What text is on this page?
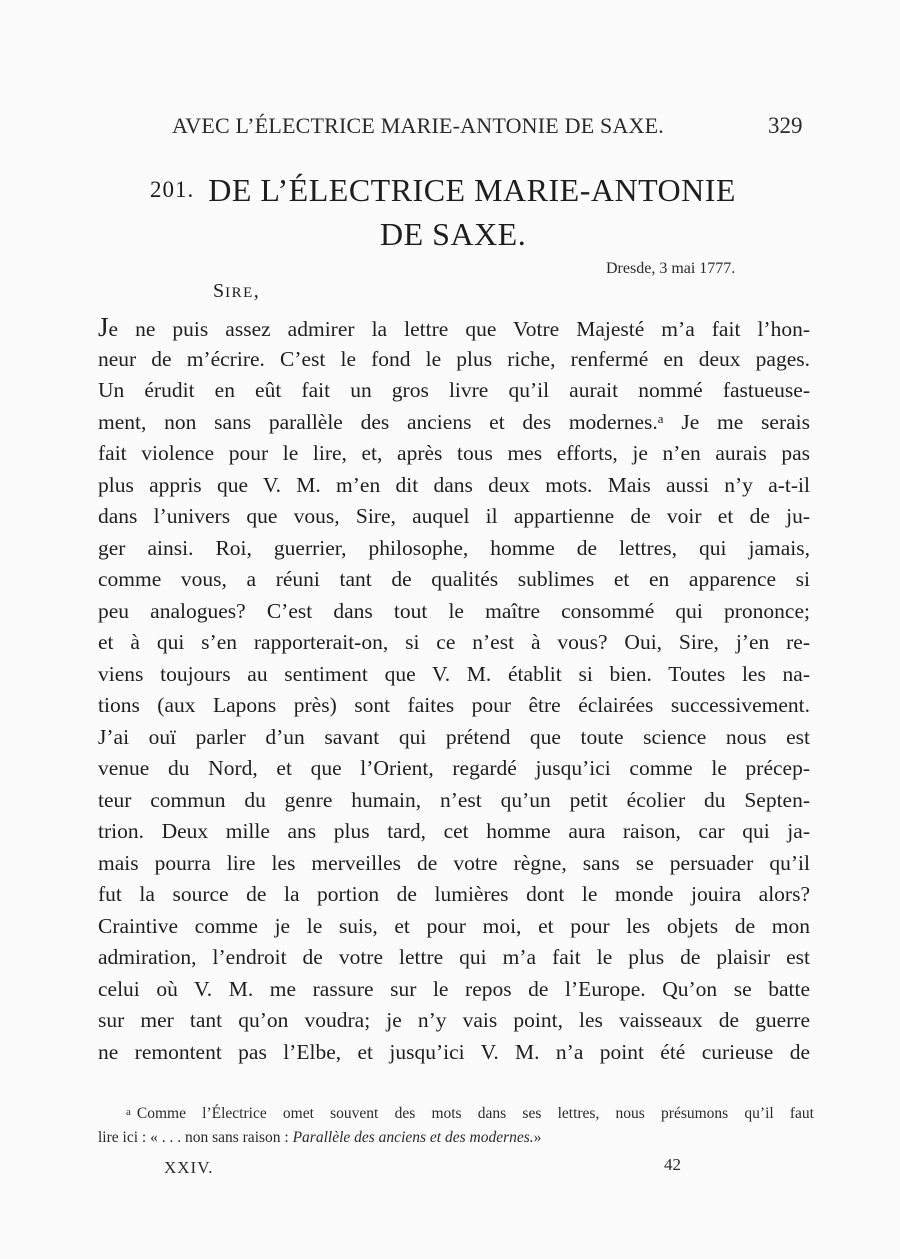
AVEC L’ÉLECTRICE MARIE-ANTONIE DE SAXE.	329
201. DE L’ÉLECTRICE MARIE-ANTONIE
DE SAXE.
Dresde, 3 mai 1777.
SIRE,
Je ne puis assez admirer la lettre que Votre Majesté m’a fait l’hon-
neur de m’écrire. C’est le fond le plus riche, renfermé en deux pages.
Un érudit en eût fait un gros livre qu’il aurait nommé fastueuse-
ment, non sans parallèle des anciens et des modernes.ᵃ Je me serais
fait violence pour le lire, et, après tous mes efforts, je n’en aurais pas
plus appris que V. M. m’en dit dans deux mots. Mais aussi n’y a-t-il
dans l’univers que vous, Sire, auquel il appartienne de voir et de ju-
ger ainsi. Roi, guerrier, philosophe, homme de lettres, qui jamais,
comme vous, a réuni tant de qualités sublimes et en apparence si
peu analogues? C’est dans tout le maître consommé qui prononce;
et à qui s’en rapporterait-on, si ce n’est à vous? Oui, Sire, j’en re-
viens toujours au sentiment que V. M. établit si bien. Toutes les na-
tions (aux Lapons près) sont faites pour être éclairées successivement.
J’ai ouï parler d’un savant qui prétend que toute science nous est
venue du Nord, et que l’Orient, regardé jusqu’ici comme le précep-
teur commun du genre humain, n’est qu’un petit écolier du Septen-
trion. Deux mille ans plus tard, cet homme aura raison, car qui ja-
mais pourra lire les merveilles de votre règne, sans se persuader qu’il
fut la source de la portion de lumières dont le monde jouira alors?
Craintive comme je le suis, et pour moi, et pour les objets de mon
admiration, l’endroit de votre lettre qui m’a fait le plus de plaisir est
celui où V. M. me rassure sur le repos de l’Europe. Qu’on se batte
sur mer tant qu’on voudra; je n’y vais point, les vaisseaux de guerre
ne remontent pas l’Elbe, et jusqu’ici V. M. n’a point été curieuse de
a Comme l’Électrice omet souvent des mots dans ses lettres, nous présumons qu’il faut
lire ici : « . . . non sans raison : Parallèle des anciens et des modernes.»
XXIV.	42
